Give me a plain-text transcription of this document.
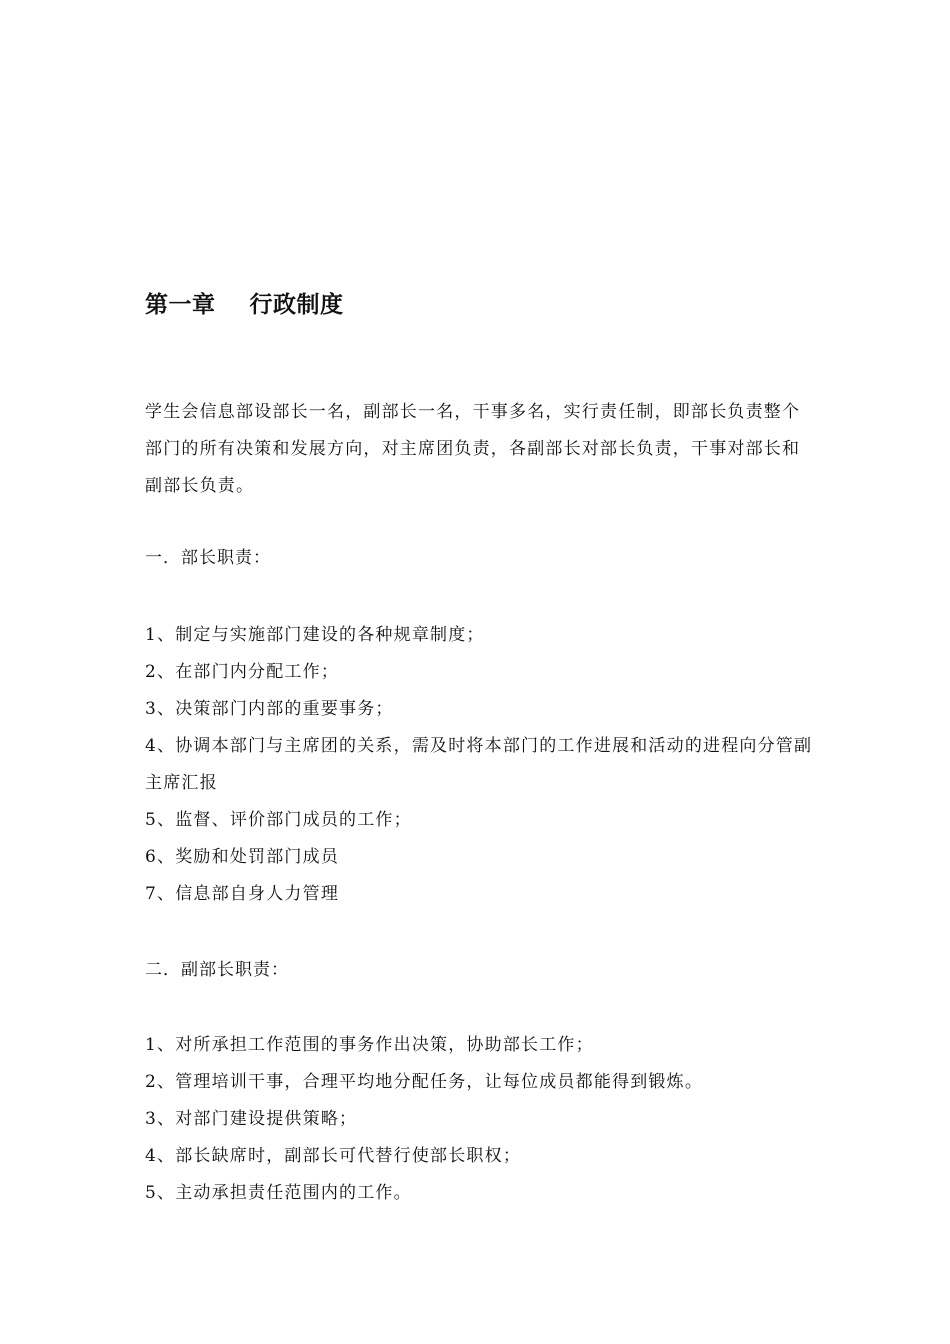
第一章    行政制度

学生会信息部设部长一名，副部长一名，干事多名，实行责任制，即部长负责整个部门的所有决策和发展方向，对主席团负责，各副部长对部长负责，干事对部长和副部长负责。

一．部长职责：
1、制定与实施部门建设的各种规章制度；
2、在部门内分配工作；
3、决策部门内部的重要事务；
4、协调本部门与主席团的关系，需及时将本部门的工作进展和活动的进程向分管副主席汇报
5、监督、评价部门成员的工作；
6、奖励和处罚部门成员
7、信息部自身人力管理
二．副部长职责：
1、对所承担工作范围的事务作出决策，协助部长工作；
2、管理培训干事，合理平均地分配任务，让每位成员都能得到锻炼。
3、对部门建设提供策略；
4、部长缺席时，副部长可代替行使部长职权；
5、主动承担责任范围内的工作。
